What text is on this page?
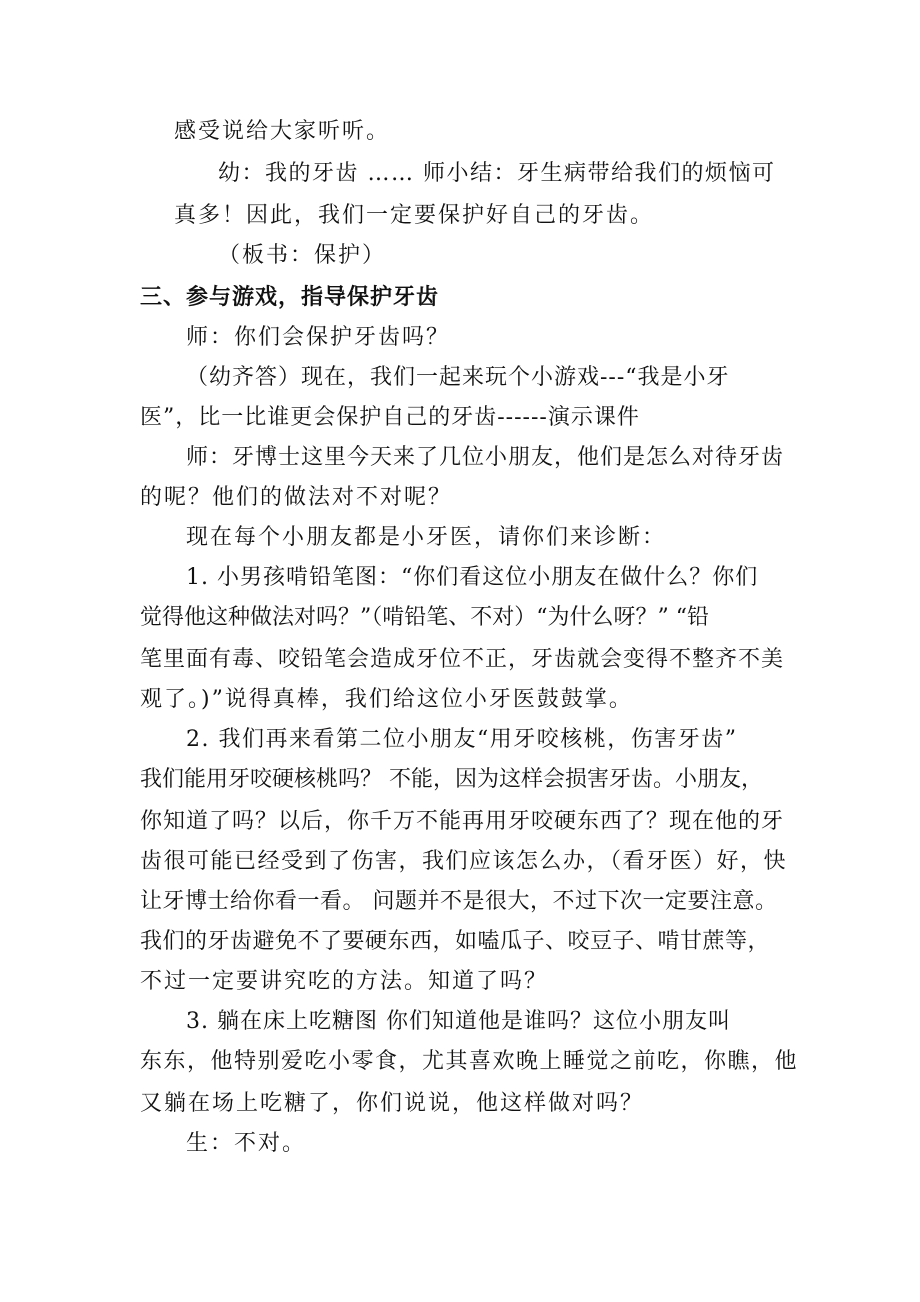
感受说给大家听听。
幼：我的牙齿 …… 师小结：牙生病带给我们的烦恼可
真多！因此，我们一定要保护好自己的牙齿。
（板书：保护）
三、参与游戏，指导保护牙齿
师：你们会保护牙齿吗？
（幼齐答）现在，我们一起来玩个小游戏---“我是小牙
医”，比一比谁更会保护自己的牙齿------演示课件
师：牙博士这里今天来了几位小朋友，他们是怎么对待牙齿
的呢？他们的做法对不对呢？
现在每个小朋友都是小牙医，请你们来诊断：
1. 小男孩啃铅笔图：“你们看这位小朋友在做什么？你们
觉得他这种做法对吗？”（啃铅笔、不对）“为什么呀？” “铅
笔里面有毒、咬铅笔会造成牙位不正，牙齿就会变得不整齐不美
观了。)”说得真棒，我们给这位小牙医鼓鼓掌。
2. 我们再来看第二位小朋友“用牙咬核桃，伤害牙齿”
我们能用牙咬硬核桃吗？ 不能，因为这样会损害牙齿。小朋友，
你知道了吗？以后，你千万不能再用牙咬硬东西了？现在他的牙
齿很可能已经受到了伤害，我们应该怎么办，（看牙医）好，快
让牙博士给你看一看。 问题并不是很大，不过下次一定要注意。
我们的牙齿避免不了要硬东西，如嗑瓜子、咬豆子、啃甘蔗等，
不过一定要讲究吃的方法。知道了吗？
3. 躺在床上吃糖图 你们知道他是谁吗？这位小朋友叫
东东，他特别爱吃小零食，尤其喜欢晚上睡觉之前吃，你瞧，他
又躺在场上吃糖了，你们说说，他这样做对吗？
生：不对。
